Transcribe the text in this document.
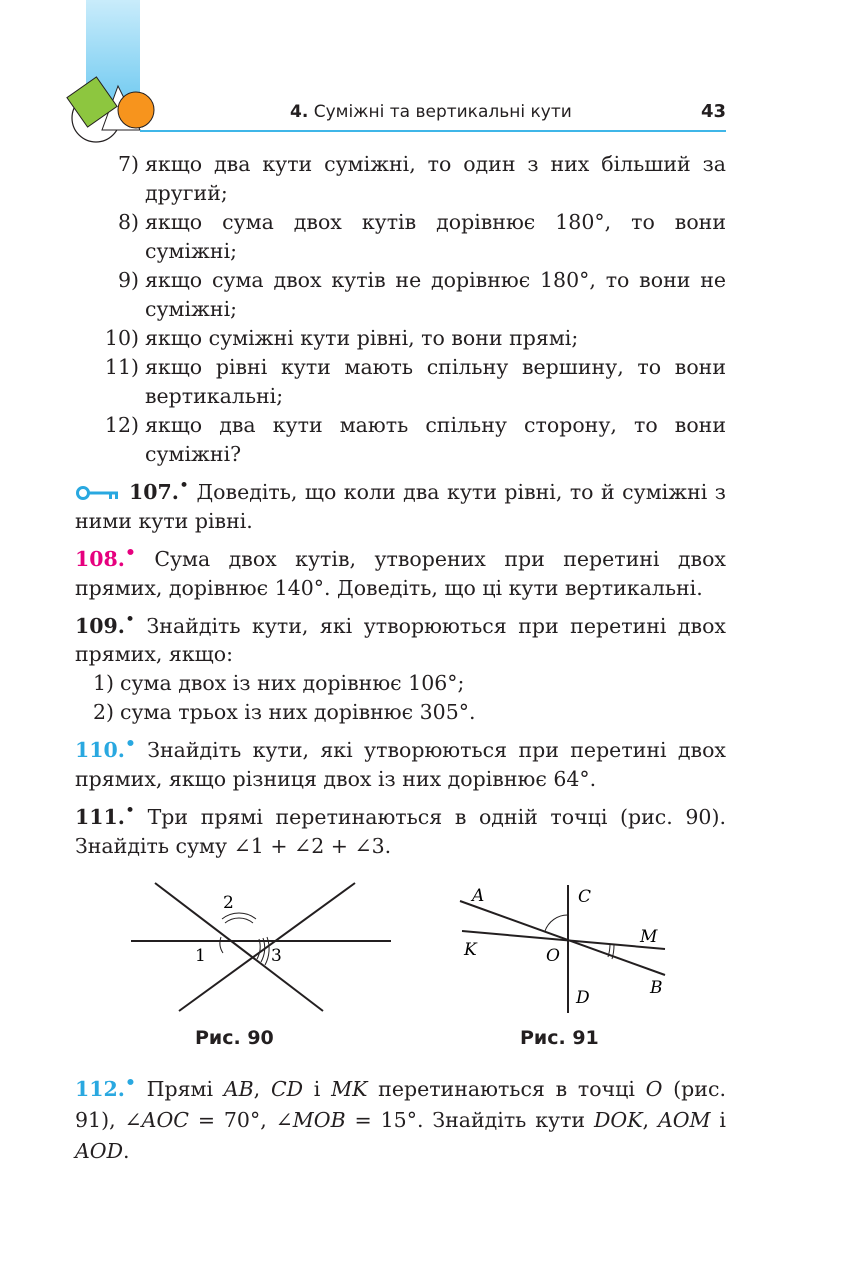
4. Суміжні та вертикальні кути	43
7) якщо два кути суміжні, то один з них більший за другий;
8) якщо сума двох кутів дорівнює 180°, то вони суміжні;
9) якщо сума двох кутів не дорівнює 180°, то вони не суміжні;
10) якщо суміжні кути рівні, то вони прямі;
11) якщо рівні кути мають спільну вершину, то вони вертикальні;
12) якщо два кути мають спільну сторону, то вони суміжні?
107.• Доведіть, що коли два кути рівні, то й суміжні з ними кути рівні.
108.• Сума двох кутів, утворених при перетині двох прямих, дорівнює 140°. Доведіть, що ці кути вертикальні.
109.• Знайдіть кути, які утворюються при перетині двох прямих, якщо:
1) сума двох із них дорівнює 106°;
2) сума трьох із них дорівнює 305°.
110.• Знайдіть кути, які утворюються при перетині двох прямих, якщо різниця двох із них дорівнює 64°.
111.• Три прямі перетинаються в одній точці (рис. 90). Знайдіть суму ∠1 + ∠2 + ∠3.
2
1	3
Рис. 90
A	C
M
K	O
B
D
Рис. 91
112.• Прямі AB, CD і MK перетинаються в точці O (рис. 91), ∠AOC = 70°, ∠MOB = 15°. Знайдіть кути DOK, AOM і AOD.
